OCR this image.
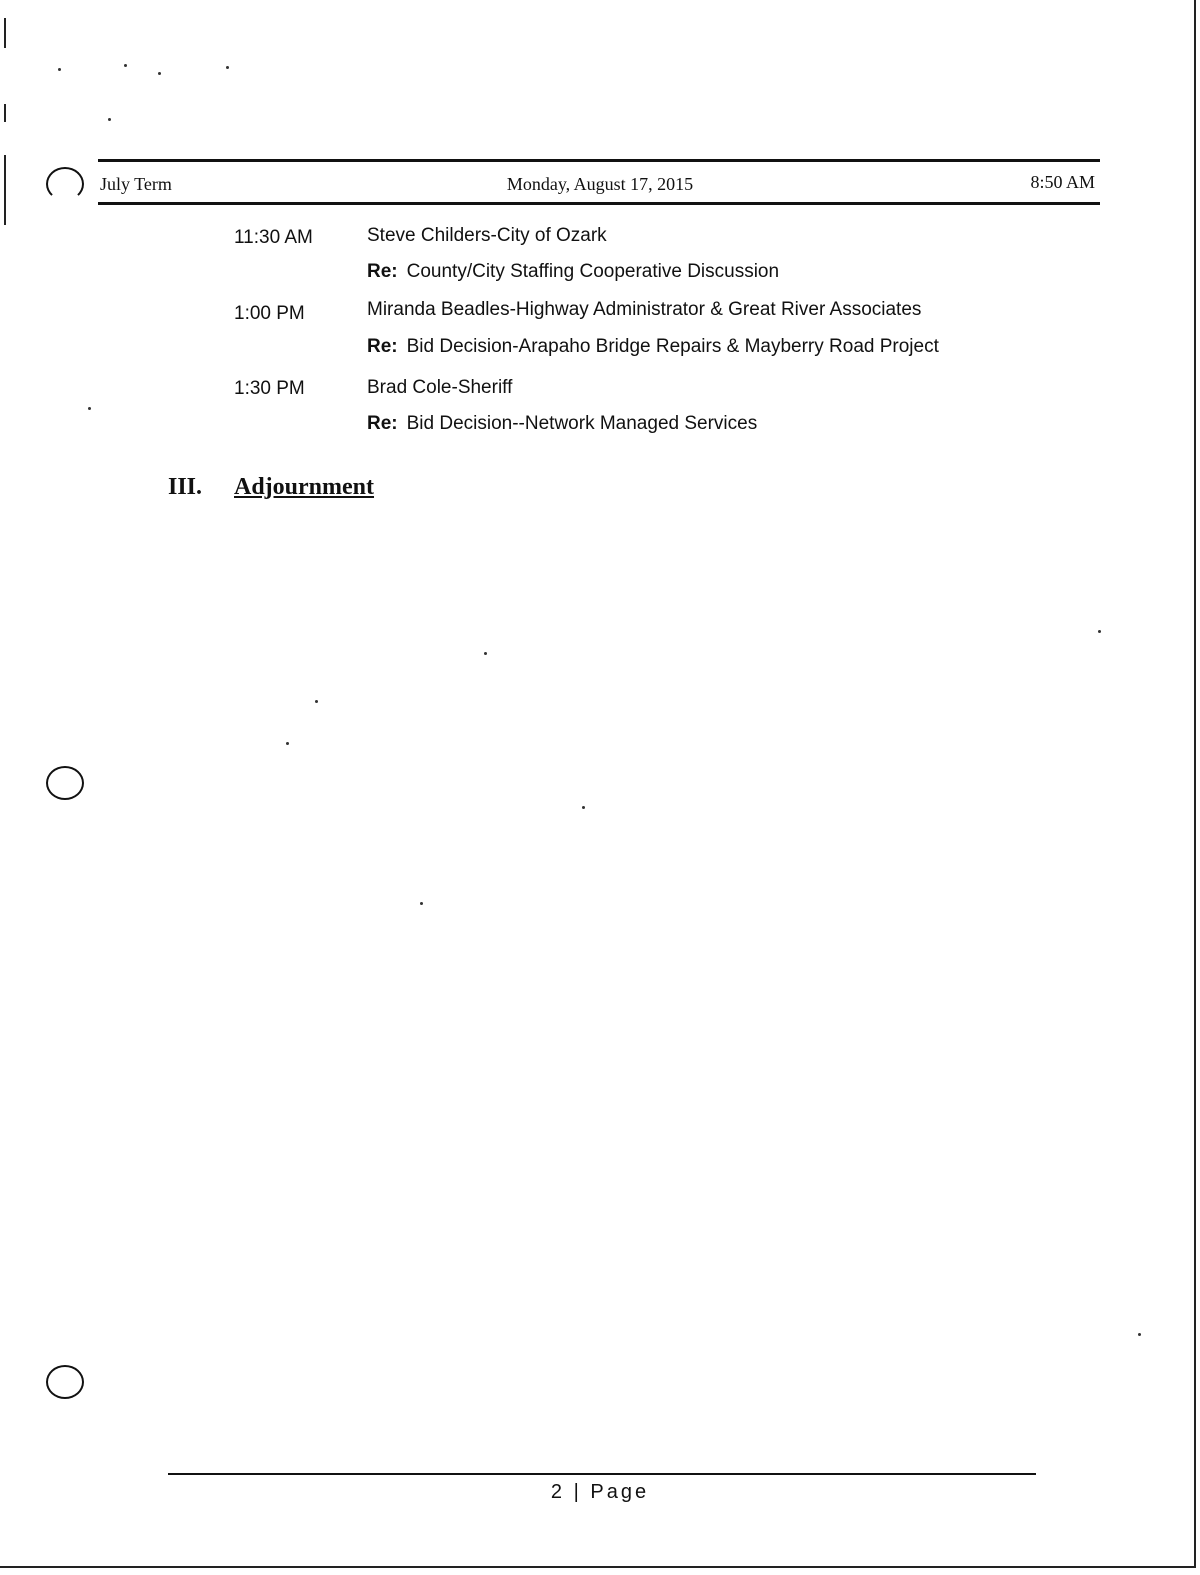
July Term	Monday, August 17, 2015	8:50 AM
11:30 AM	Steve Childers-City of Ozark
Re: County/City Staffing Cooperative Discussion
1:00 PM	Miranda Beadles-Highway Administrator & Great River Associates
Re: Bid Decision-Arapaho Bridge Repairs & Mayberry Road Project
1:30 PM	Brad Cole-Sheriff
Re: Bid Decision--Network Managed Services
III. Adjournment
2 | Page
